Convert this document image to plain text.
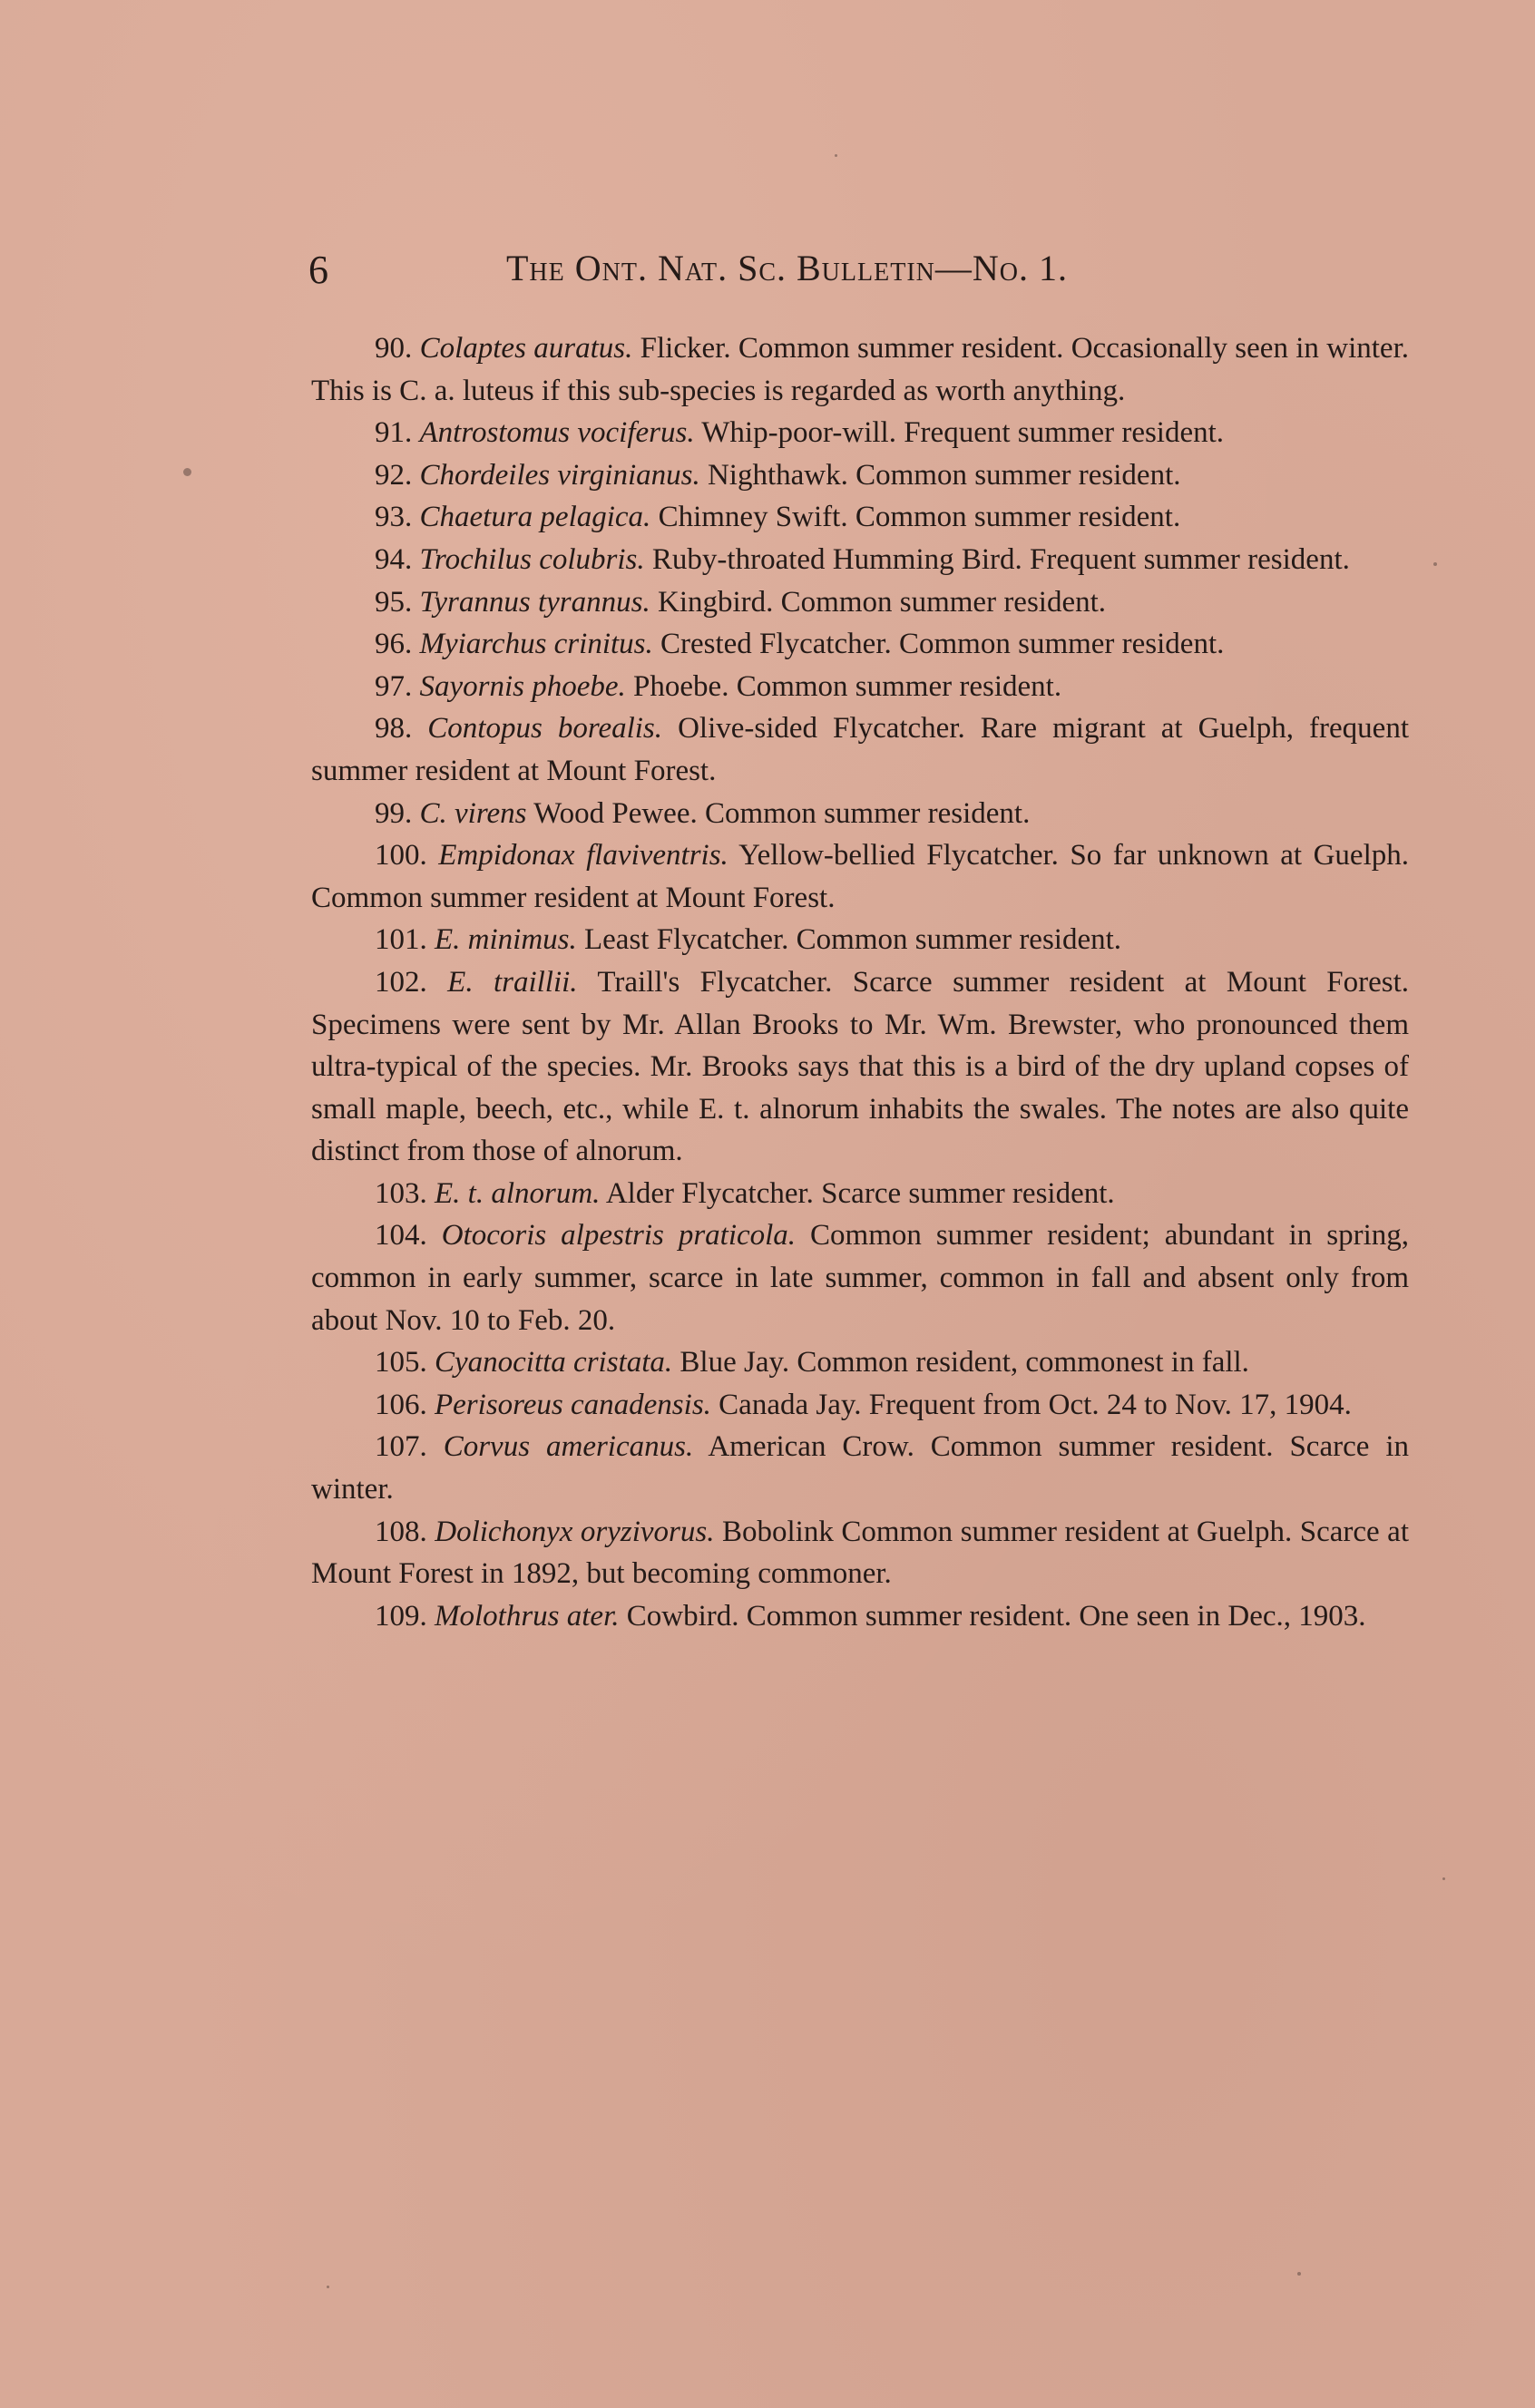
6	The Ont. Nat. Sc. Bulletin—No. 1.

90. Colaptes auratus. Flicker. Common summer resident. Occasionally seen in winter. This is C. a. luteus if this sub-species is regarded as worth anything.

91. Antrostomus vociferus. Whip-poor-will. Frequent summer resident.

92. Chordeiles virginianus. Nighthawk. Common summer resident.

93. Chaetura pelagica. Chimney Swift. Common summer resident.

94. Trochilus colubris. Ruby-throated Humming Bird. Frequent summer resident.

95. Tyrannus tyrannus. Kingbird. Common summer resident.

96. Myiarchus crinitus. Crested Flycatcher. Common summer resident.

97. Sayornis phoebe. Phoebe. Common summer resident.

98. Contopus borealis. Olive-sided Flycatcher. Rare migrant at Guelph, frequent summer resident at Mount Forest.

99. C. virens Wood Pewee. Common summer resident.

100. Empidonax flaviventris. Yellow-bellied Flycatcher. So far unknown at Guelph. Common summer resident at Mount Forest.

101. E. minimus. Least Flycatcher. Common summer resident.

102. E. traillii. Traill's Flycatcher. Scarce summer resident at Mount Forest. Specimens were sent by Mr. Allan Brooks to Mr. Wm. Brewster, who pronounced them ultra-typical of the species. Mr. Brooks says that this is a bird of the dry upland copses of small maple, beech, etc., while E. t. alnorum inhabits the swales. The notes are also quite distinct from those of alnorum.

103. E. t. alnorum. Alder Flycatcher. Scarce summer resident.

104. Otocoris alpestris praticola. Common summer resident; abundant in spring, common in early summer, scarce in late summer, common in fall and absent only from about Nov. 10 to Feb. 20.

105. Cyanocitta cristata. Blue Jay. Common resident, commonest in fall.

106. Perisoreus canadensis. Canada Jay. Frequent from Oct. 24 to Nov. 17, 1904.

107. Corvus americanus. American Crow. Common summer resident. Scarce in winter.

108. Dolichonyx oryzivorus. Bobolink Common summer resident at Guelph. Scarce at Mount Forest in 1892, but becoming commoner.

109. Molothrus ater. Cowbird. Common summer resident. One seen in Dec., 1903.
